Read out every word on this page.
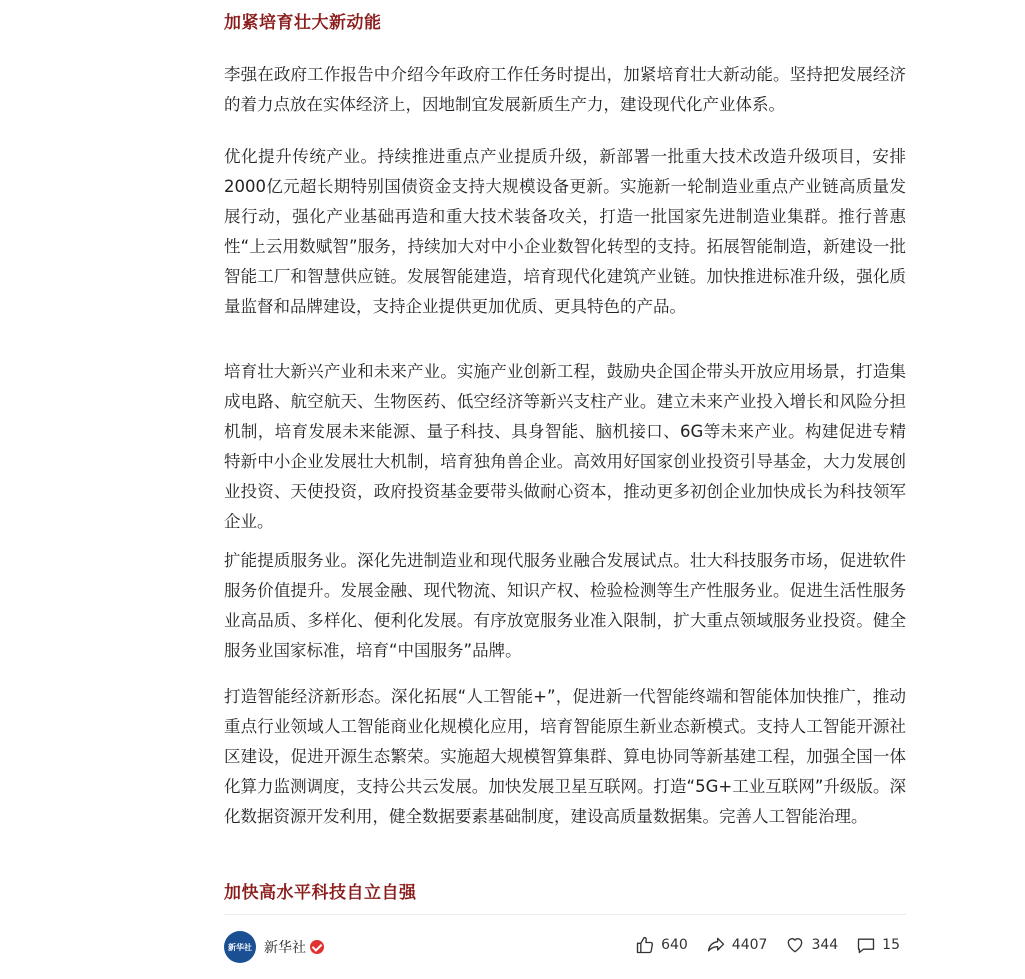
加紧培育壮大新动能

李强在政府工作报告中介绍今年政府工作任务时提出，加紧培育壮大新动能。坚持把发展经济的着力点放在实体经济上，因地制宜发展新质生产力，建设现代化产业体系。

优化提升传统产业。持续推进重点产业提质升级，新部署一批重大技术改造升级项目，安排2000亿元超长期特别国债资金支持大规模设备更新。实施新一轮制造业重点产业链高质量发展行动，强化产业基础再造和重大技术装备攻关，打造一批国家先进制造业集群。推行普惠性“上云用数赋智”服务，持续加大对中小企业数智化转型的支持。拓展智能制造，新建设一批智能工厂和智慧供应链。发展智能建造，培育现代化建筑产业链。加快推进标准升级，强化质量监督和品牌建设，支持企业提供更加优质、更具特色的产品。

培育壮大新兴产业和未来产业。实施产业创新工程，鼓励央企国企带头开放应用场景，打造集成电路、航空航天、生物医药、低空经济等新兴支柱产业。建立未来产业投入增长和风险分担机制，培育发展未来能源、量子科技、具身智能、脑机接口、6G等未来产业。构建促进专精特新中小企业发展壮大机制，培育独角兽企业。高效用好国家创业投资引导基金，大力发展创业投资、天使投资，政府投资基金要带头做耐心资本，推动更多初创企业加快成长为科技领军企业。

扩能提质服务业。深化先进制造业和现代服务业融合发展试点。壮大科技服务市场，促进软件服务价值提升。发展金融、现代物流、知识产权、检验检测等生产性服务业。促进生活性服务业高品质、多样化、便利化发展。有序放宽服务业准入限制，扩大重点领域服务业投资。健全服务业国家标准，培育“中国服务”品牌。

打造智能经济新形态。深化拓展“人工智能+”，促进新一代智能终端和智能体加快推广，推动重点行业领域人工智能商业化规模化应用，培育智能原生新业态新模式。支持人工智能开源社区建设，促进开源生态繁荣。实施超大规模智算集群、算电协同等新基建工程，加强全国一体化算力监测调度，支持公共云发展。加快发展卫星互联网。打造“5G+工业互联网”升级版。深化数据资源开发利用，健全数据要素基础制度，建设高质量数据集。完善人工智能治理。

加快高水平科技自立自强
新华社 新华社	640	4407	344	15
